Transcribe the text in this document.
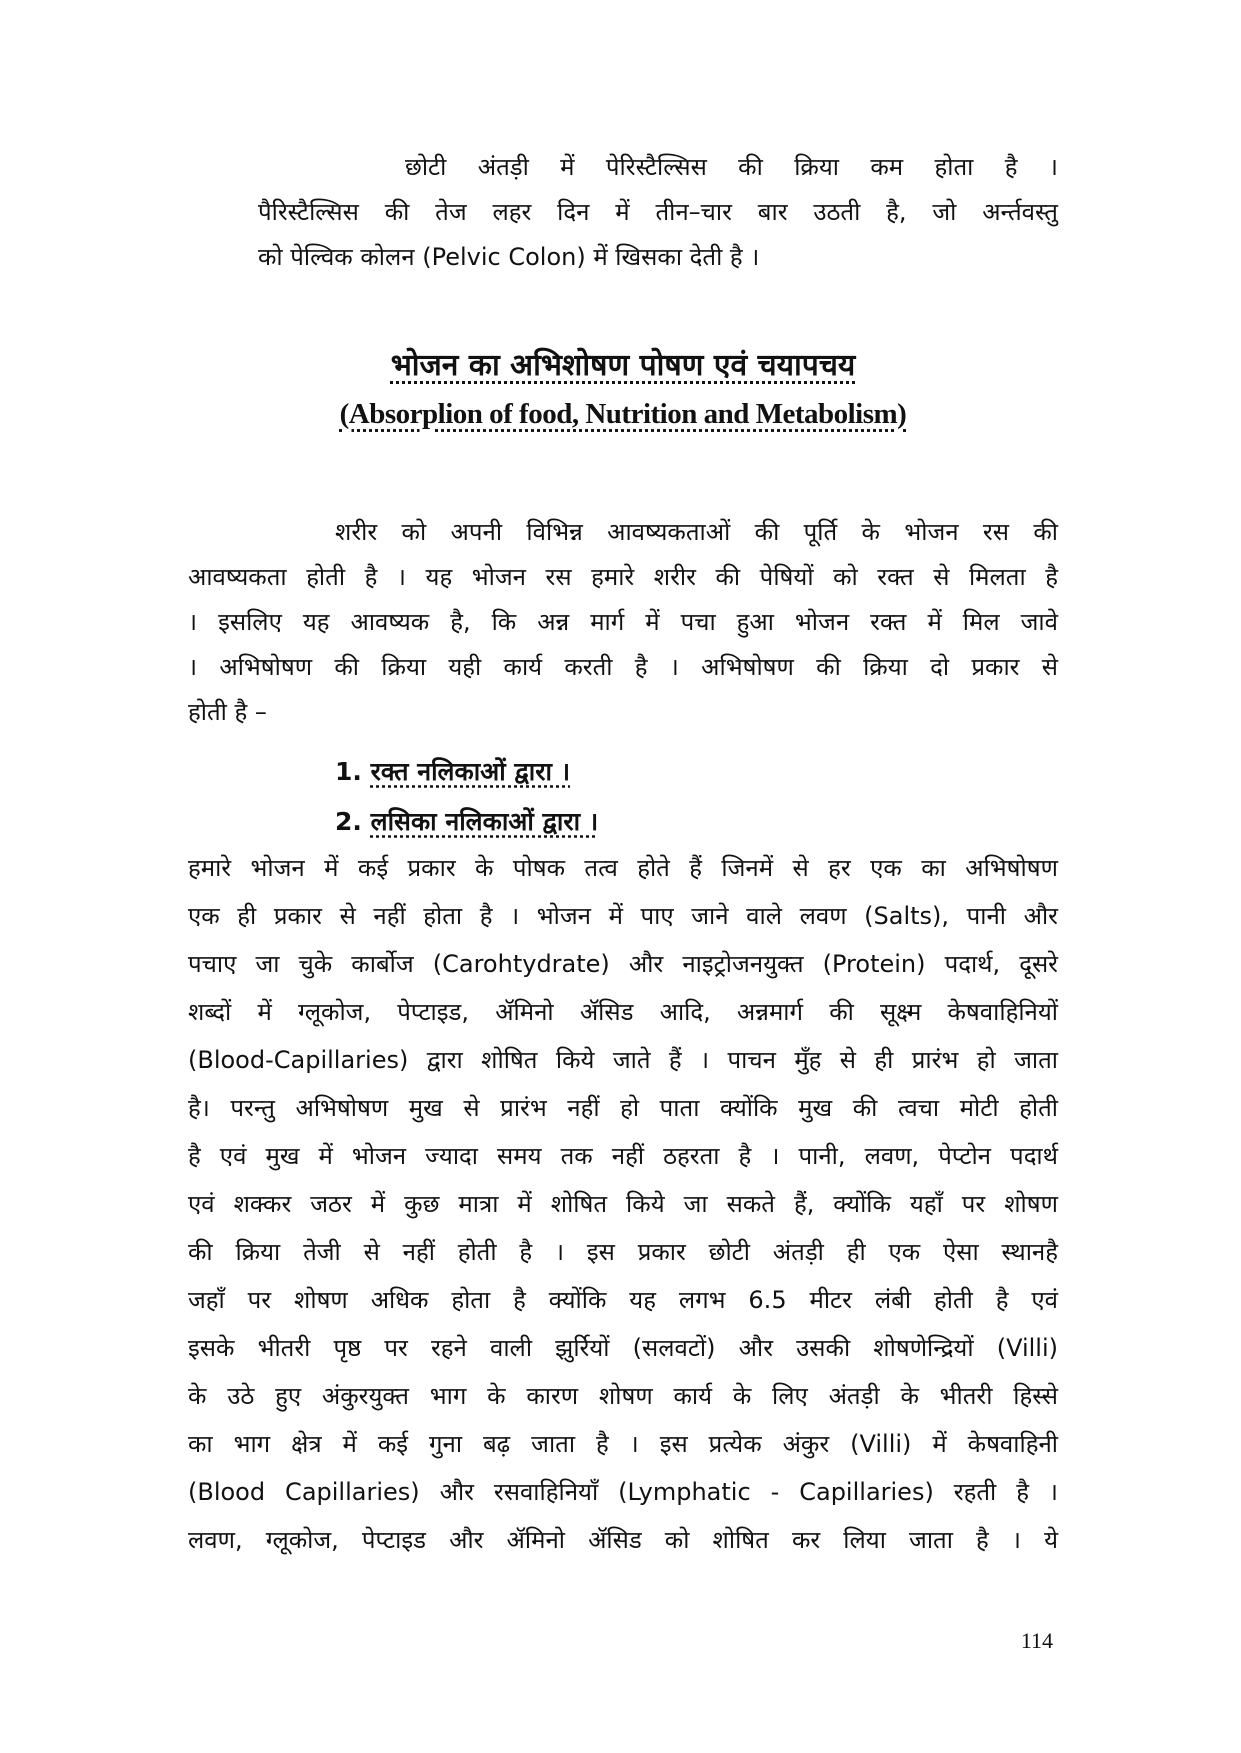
छोटी अंतड़ी में पेरिस्टैल्सिस की क्रिया कम होता है ।
पैरिस्टैल्सिस की तेज लहर दिन में तीन–चार बार उठती है, जो अर्न्तवस्तु
को पेल्विक कोलन (Pelvic Colon) में खिसका देती है ।
भोजन का अभिशोषण पोषण एवं चयापचय
(Absorplion of food, Nutrition and Metabolism)
शरीर को अपनी विभिन्न आवष्यकताओं की पूर्ति के भोजन रस की
आवष्यकता होती है । यह भोजन रस हमारे शरीर की पेषियों को रक्त से मिलता है
। इसलिए यह आवष्यक है, कि अन्न मार्ग में पचा हुआ भोजन रक्त में मिल जावे
। अभिषोषण की क्रिया यही कार्य करती है । अभिषोषण की क्रिया दो प्रकार से
होती है –
1. रक्त नलिकाओं द्वारा ।
2. लसिका नलिकाओं द्वारा ।
हमारे भोजन में कई प्रकार के पोषक तत्व होते हैं जिनमें से हर एक का अभिषोषण
एक ही प्रकार से नहीं होता है । भोजन में पाए जाने वाले लवण (Salts), पानी और
पचाए जा चुके कार्बोज (Carohtydrate) और नाइट्रोजनयुक्त (Protein) पदार्थ, दूसरे
शब्दों में ग्लूकोज, पेप्टाइड, ॲमिनो ॲसिड आदि, अन्नमार्ग की सूक्ष्म केषवाहिनियों
(Blood-Capillaries) द्वारा शोषित किये जाते हैं । पाचन मुँह से ही प्रारंभ हो जाता
है। परन्तु अभिषोषण मुख से प्रारंभ नहीं हो पाता क्योंकि मुख की त्वचा मोटी होती
है एवं मुख में भोजन ज्यादा समय तक नहीं ठहरता है । पानी, लवण, पेप्टोन पदार्थ
एवं शक्कर जठर में कुछ मात्रा में शोषित किये जा सकते हैं, क्योंकि यहॉं पर शोषण
की क्रिया तेजी से नहीं होती है । इस प्रकार छोटी अंतड़ी ही एक ऐसा स्थानहै
जहॉं पर शोषण अधिक होता है क्योंकि यह लगभ 6.5 मीटर लंबी होती है एवं
इसके भीतरी पृष्ठ पर रहने वाली झुर्रियों (सलवटों) और उसकी शोषणेन्द्रियों (Villi)
के उठे हुए अंकुरयुक्त भाग के कारण शोषण कार्य के लिए अंतड़ी के भीतरी हिस्से
का भाग क्षेत्र में कई गुना बढ़ जाता है । इस प्रत्येक अंकुर (Villi) में केषवाहिनी
(Blood Capillaries) और रसवाहिनियॉं (Lymphatic - Capillaries) रहती है ।
लवण, ग्लूकोज, पेप्टाइड और ॲमिनो ॲसिड को शोषित कर लिया जाता है । ये
114
